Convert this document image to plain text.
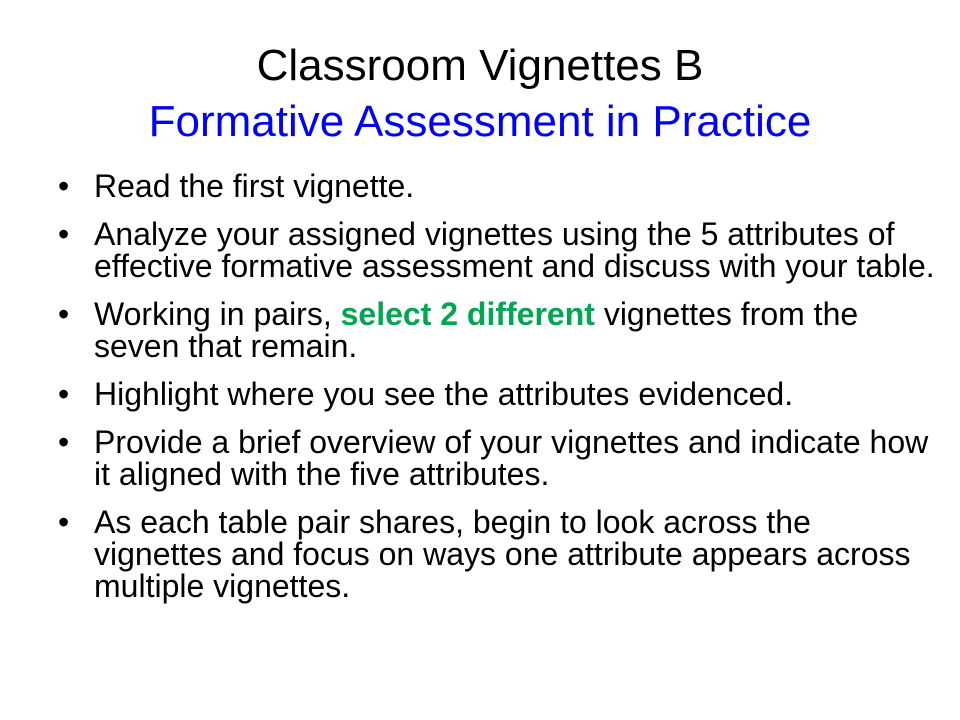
Classroom Vignettes B
Formative Assessment in Practice
• Read the first vignette.
• Analyze your assigned vignettes using the 5 attributes of effective formative assessment and discuss with your table.
• Working in pairs, select 2 different vignettes from the seven that remain.
• Highlight where you see the attributes evidenced.
• Provide a brief overview of your vignettes and indicate how it aligned with the five attributes.
• As each table pair shares, begin to look across the vignettes and focus on ways one attribute appears across multiple vignettes.
